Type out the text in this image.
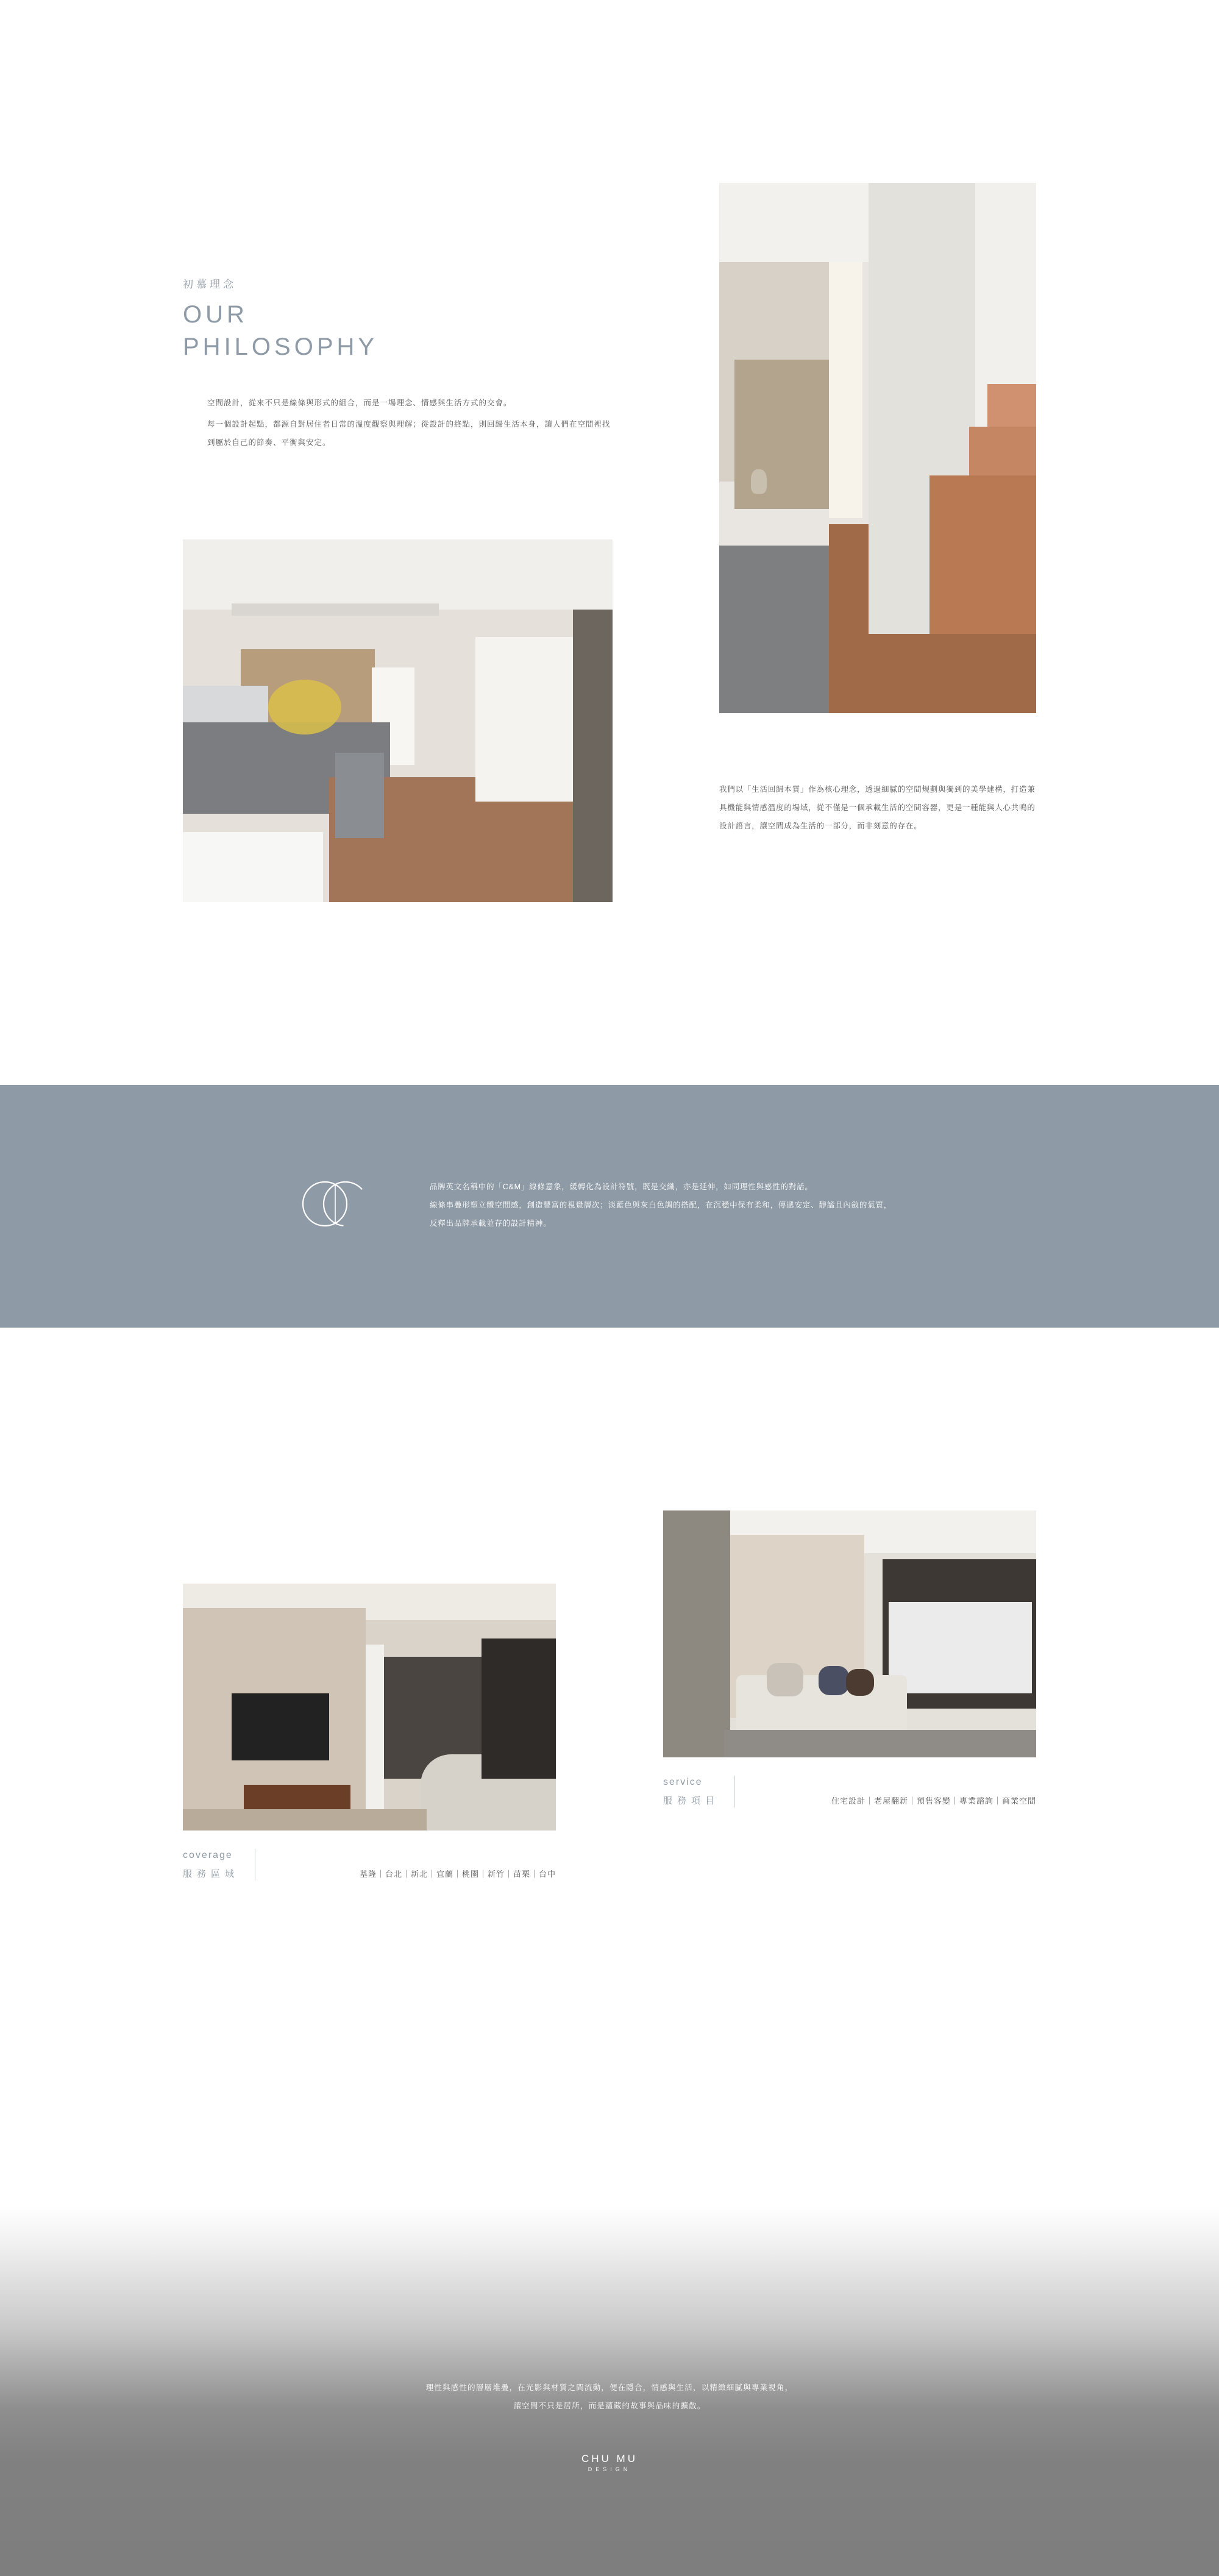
初慕理念
OUR
PHILOSOPHY
空間設計，從來不只是線條與形式的組合，而是一場理念、情感與生活方式的交會。
每一個設計起點，都源自對居住者日常的溫度觀察與理解；從設計的終點，則回歸生活本身，讓人們在空間裡找到屬於自己的節奏、平衡與安定。
我們以「生活回歸本質」作為核心理念，透過細膩的空間規劃與獨到的美學建構，打造兼具機能與情感溫度的場域，從不僅是一個承載生活的空間容器，更是一種能與人心共鳴的設計語言，讓空間成為生活的一部分，而非刻意的存在。
品牌英文名稱中的「C&M」線條意象，緩轉化為設計符號，既是交織，亦是延伸，如同理性與感性的對話。
線條串疊形塑立體空間感，創造豐富的視覺層次；淡藍色與灰白色調的搭配，在沉穩中保有柔和，傳遞安定、靜謐且內斂的氣質，
反釋出品牌承載並存的設計精神。
service
服務項目	住宅設計｜老屋翻新｜預售客變｜專業諮詢｜商業空間
coverage
服務區域	基隆｜台北｜新北｜宜蘭｜桃園｜新竹｜苗栗｜台中
理性與感性的層層堆疊，在光影與材質之間流動，便在隱合，情感與生活，以精緻細膩與專業視角，
讓空間不只是居所，而是蘊藏的故事與品味的擴散。
CHU MU
DESIGN
